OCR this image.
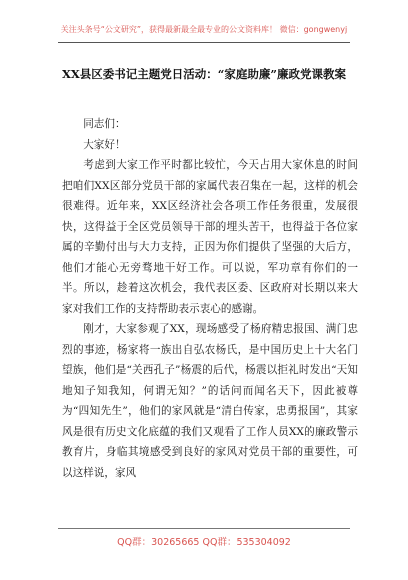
关注头条号“公文研究”，获得最新最全最专业的公文资料库！ 微信：gongwenyj
XX县区委书记主题党日活动：“家庭助廉”廉政党课教案

同志们：

大家好！

考虑到大家工作平时都比较忙，今天占用大家休息的时间把咱们XX区部分党员干部的家属代表召集在一起，这样的机会很难得。近年来，XX区经济社会各项工作任务很重，发展很快，这得益于全区党员领导干部的埋头苦干，也得益于各位家属的辛勤付出与大力支持，正因为你们提供了坚强的大后方，他们才能心无旁骛地干好工作。可以说，军功章有你们的一半。所以，趁着这次机会，我代表区委、区政府对长期以来大家对我们工作的支持帮助表示衷心的感谢。

刚才，大家参观了XX，现场感受了杨府精忠报国、满门忠烈的事迹，杨家将一族出自弘农杨氏，是中国历史上十大名门望族，他们是“关西孔子”杨震的后代，杨震以拒礼时发出“天知地知子知我知，何谓无知？”的话问而闻名天下，因此被尊为“四知先生”，他们的家风就是“清白传家，忠勇报国”，其家风是很有历史文化底蕴的我们又观看了工作人员XX的廉政警示教育片，身临其境感受到良好的家风对党员干部的重要性，可以这样说，家风

QQ群：30265665 QQ群：535304092
